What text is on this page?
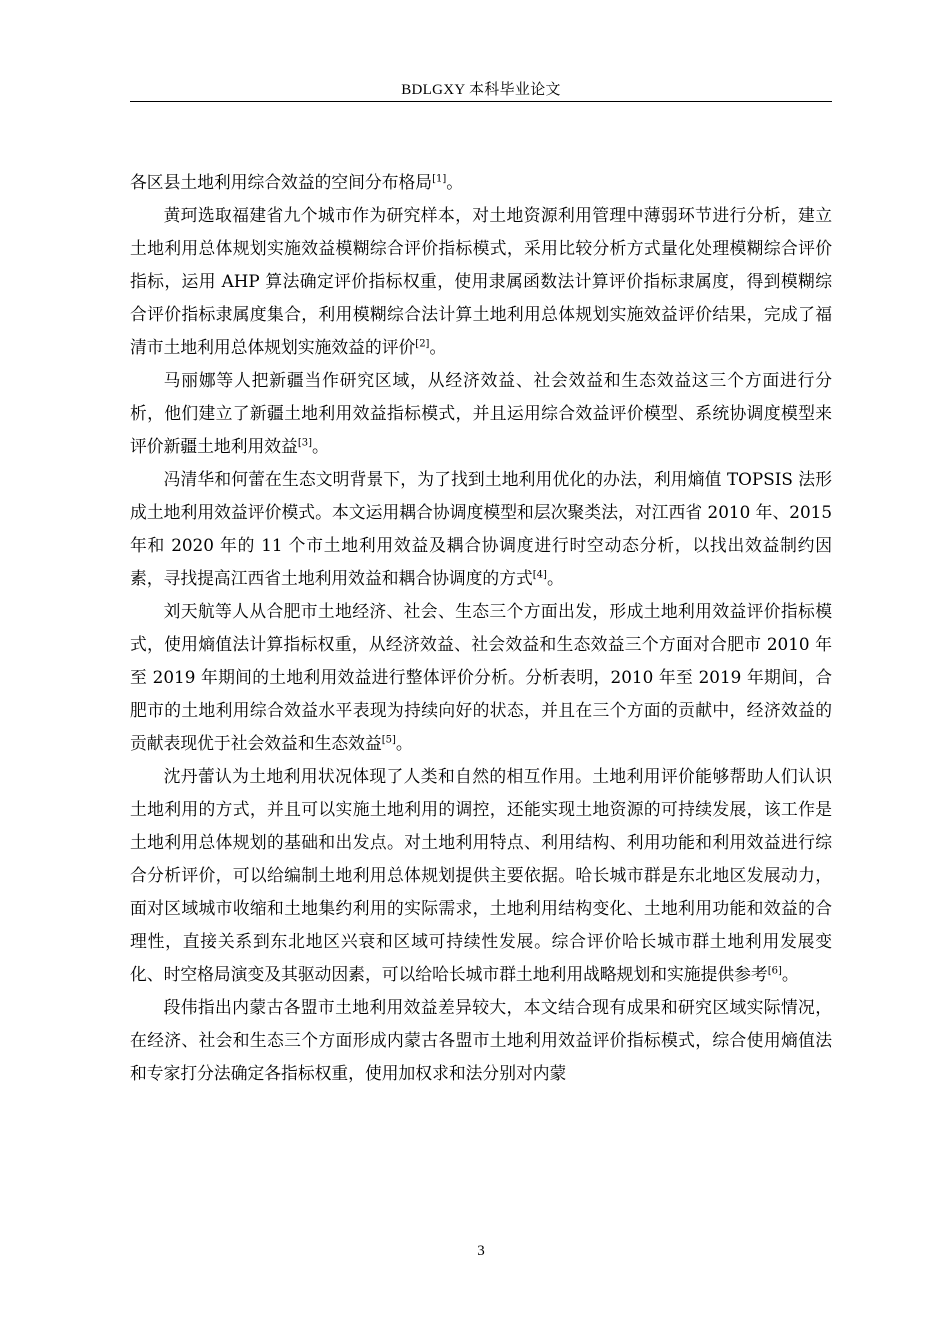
BDLGXY 本科毕业论文

各区县土地利用综合效益的空间分布格局[1]。

黄珂选取福建省九个城市作为研究样本，对土地资源利用管理中薄弱环节进行分析，建立土地利用总体规划实施效益模糊综合评价指标模式，采用比较分析方式量化处理模糊综合评价指标，运用 AHP 算法确定评价指标权重，使用隶属函数法计算评价指标隶属度，得到模糊综合评价指标隶属度集合，利用模糊综合法计算土地利用总体规划实施效益评价结果，完成了福清市土地利用总体规划实施效益的评价[2]。

马丽娜等人把新疆当作研究区域，从经济效益、社会效益和生态效益这三个方面进行分析，他们建立了新疆土地利用效益指标模式，并且运用综合效益评价模型、系统协调度模型来评价新疆土地利用效益[3]。

冯清华和何蕾在生态文明背景下，为了找到土地利用优化的办法，利用熵值 TOPSIS 法形成土地利用效益评价模式。本文运用耦合协调度模型和层次聚类法，对江西省 2010 年、2015 年和 2020 年的 11 个市土地利用效益及耦合协调度进行时空动态分析，以找出效益制约因素，寻找提高江西省土地利用效益和耦合协调度的方式[4]。

刘天航等人从合肥市土地经济、社会、生态三个方面出发，形成土地利用效益评价指标模式，使用熵值法计算指标权重，从经济效益、社会效益和生态效益三个方面对合肥市 2010 年至 2019 年期间的土地利用效益进行整体评价分析。分析表明，2010 年至 2019 年期间，合肥市的土地利用综合效益水平表现为持续向好的状态，并且在三个方面的贡献中，经济效益的贡献表现优于社会效益和生态效益[5]。

沈丹蕾认为土地利用状况体现了人类和自然的相互作用。土地利用评价能够帮助人们认识土地利用的方式，并且可以实施土地利用的调控，还能实现土地资源的可持续发展，该工作是土地利用总体规划的基础和出发点。对土地利用特点、利用结构、利用功能和利用效益进行综合分析评价，可以给编制土地利用总体规划提供主要依据。哈长城市群是东北地区发展动力，面对区域城市收缩和土地集约利用的实际需求，土地利用结构变化、土地利用功能和效益的合理性，直接关系到东北地区兴衰和区域可持续性发展。综合评价哈长城市群土地利用发展变化、时空格局演变及其驱动因素，可以给哈长城市群土地利用战略规划和实施提供参考[6]。

段伟指出内蒙古各盟市土地利用效益差异较大，本文结合现有成果和研究区域实际情况，在经济、社会和生态三个方面形成内蒙古各盟市土地利用效益评价指标模式，综合使用熵值法和专家打分法确定各指标权重，使用加权求和法分别对内蒙

3
